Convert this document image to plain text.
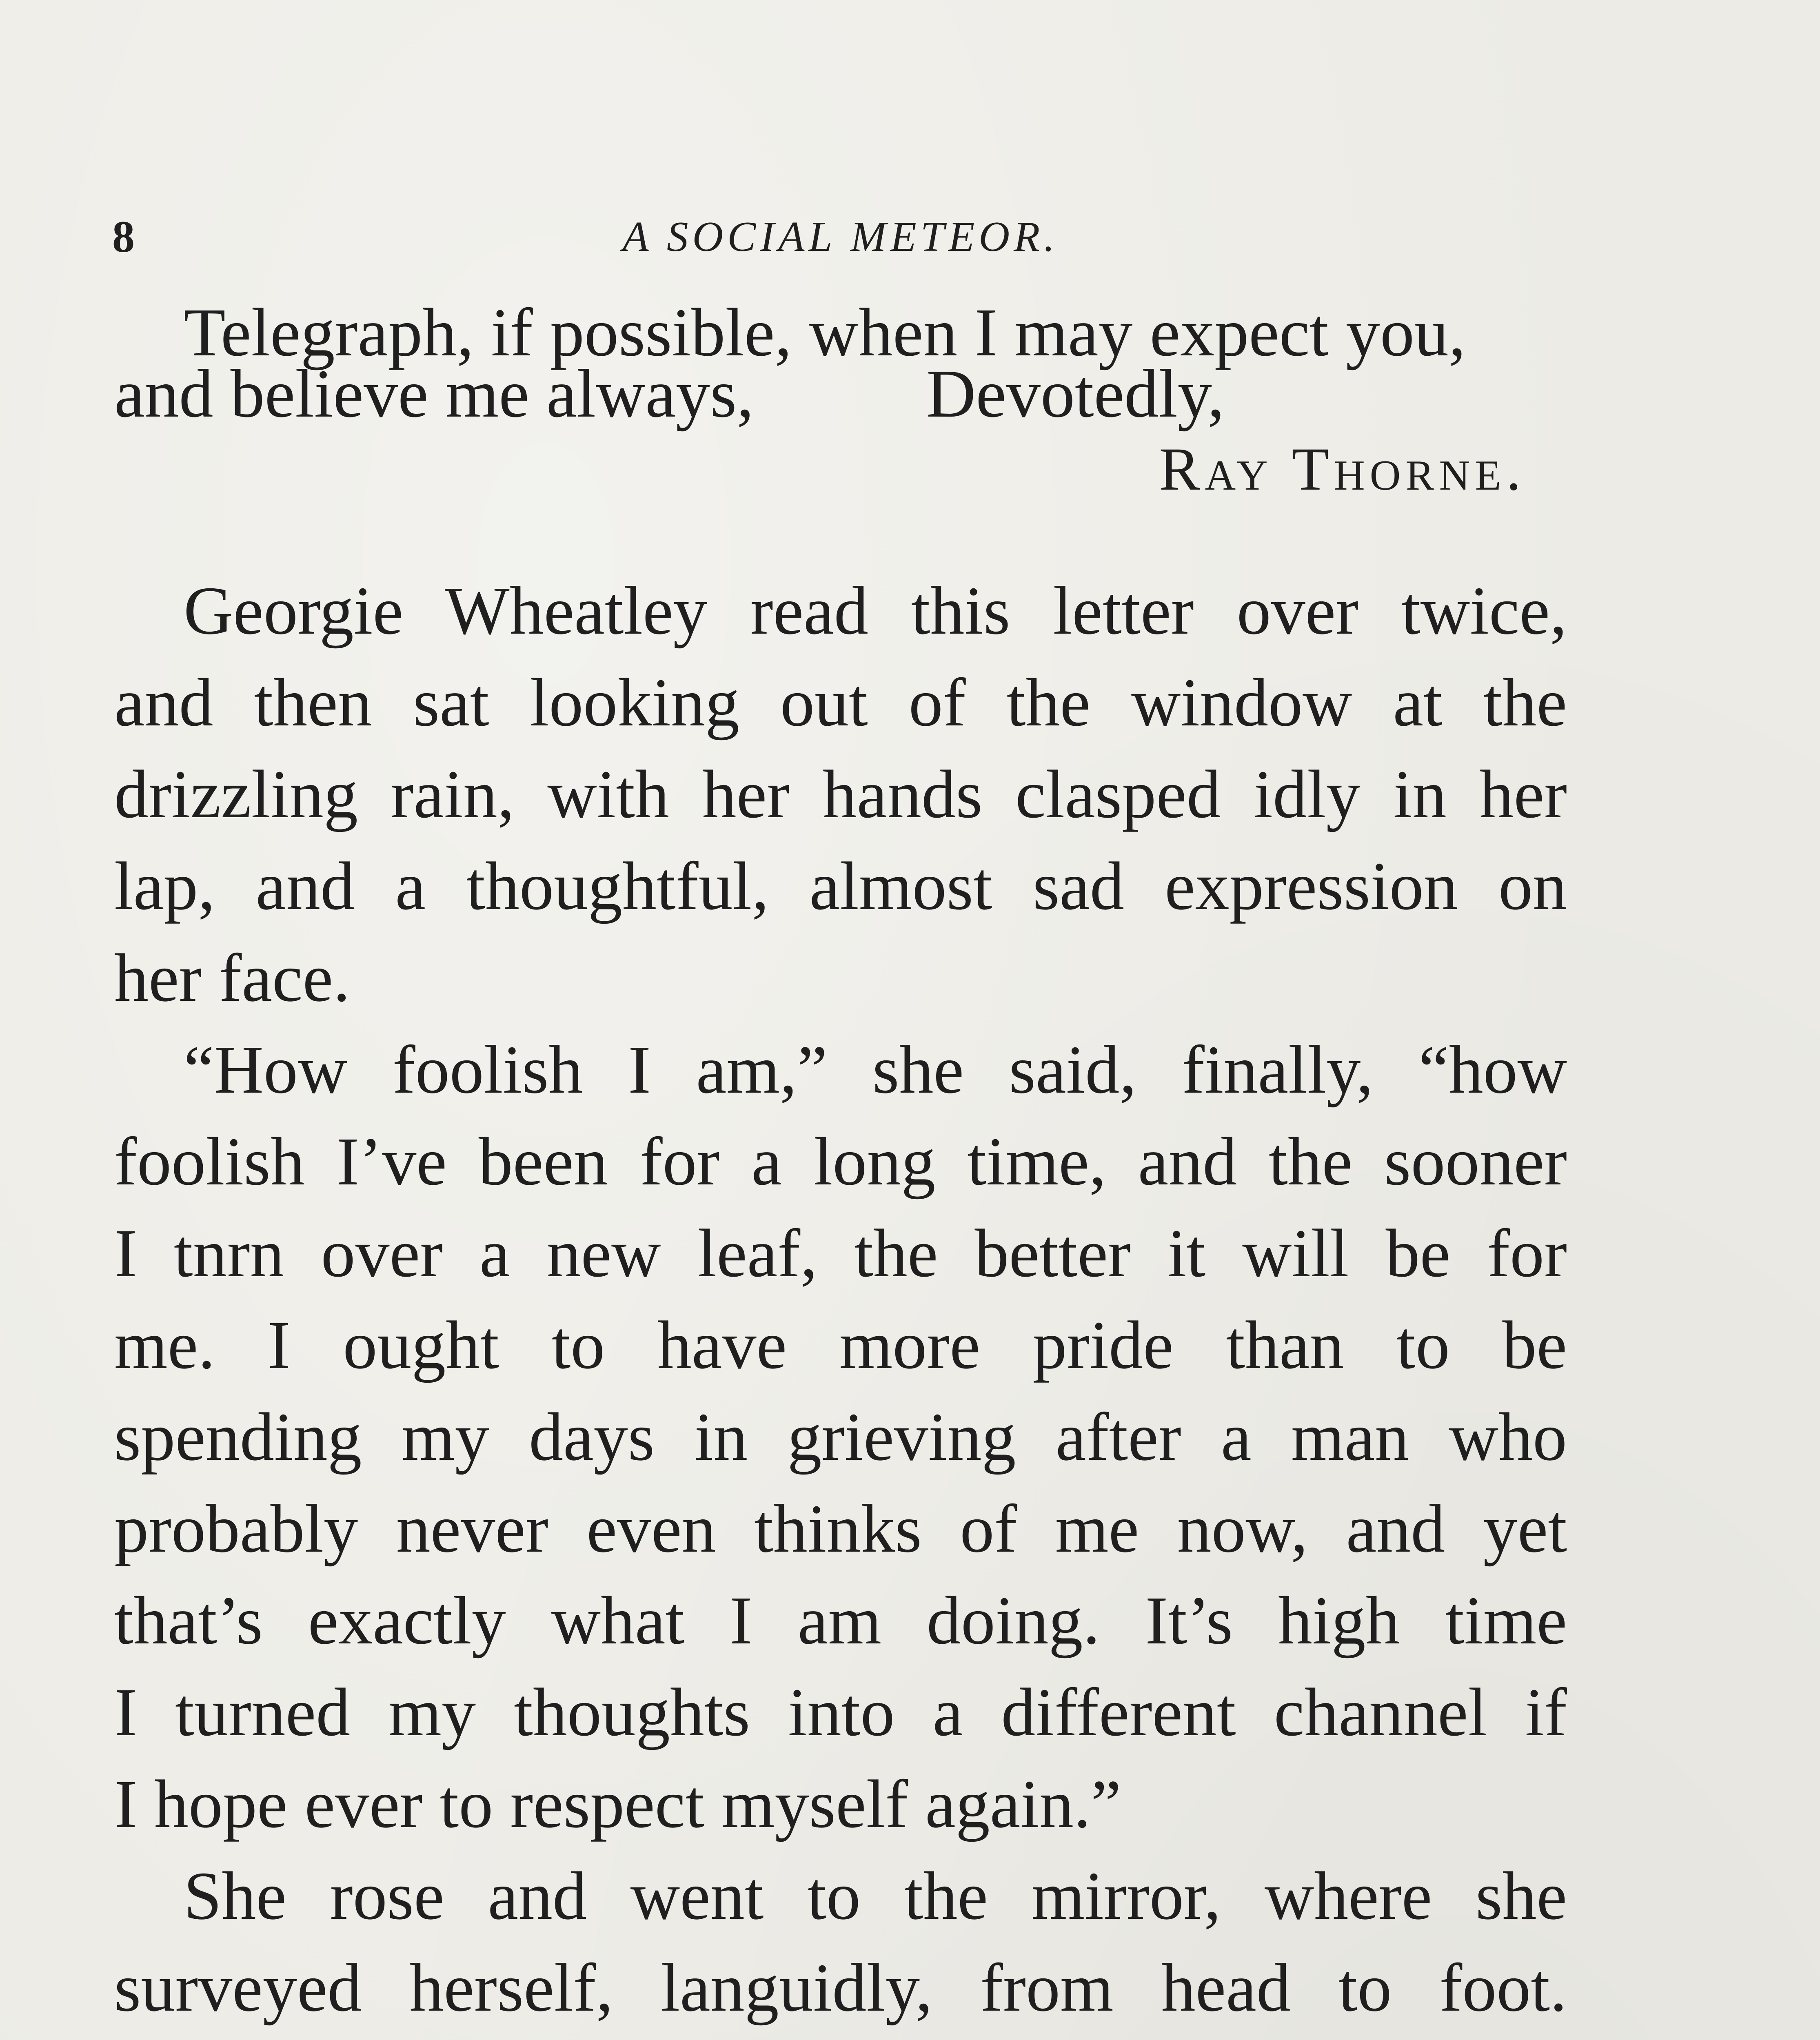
8	A SOCIAL METEOR.
Telegraph, if possible, when I may expect you,
and believe me always,	Devotedly,
Ray Thorne.
Georgie Wheatley read this letter over twice,
and then sat looking out of the window at the
drizzling rain, with her hands clasped idly in her
lap, and a thoughtful, almost sad expression on
her face.
“How foolish I am,” she said, finally, “how
foolish I’ve been for a long time, and the sooner
I tnrn over a new leaf, the better it will be for
me. I ought to have more pride than to be
spending my days in grieving after a man who
probably never even thinks of me now, and yet
that’s exactly what I am doing. It’s high time
I turned my thoughts into a different channel if
I hope ever to respect myself again.”
She rose and went to the mirror, where she
surveyed herself, languidly, from head to foot.
